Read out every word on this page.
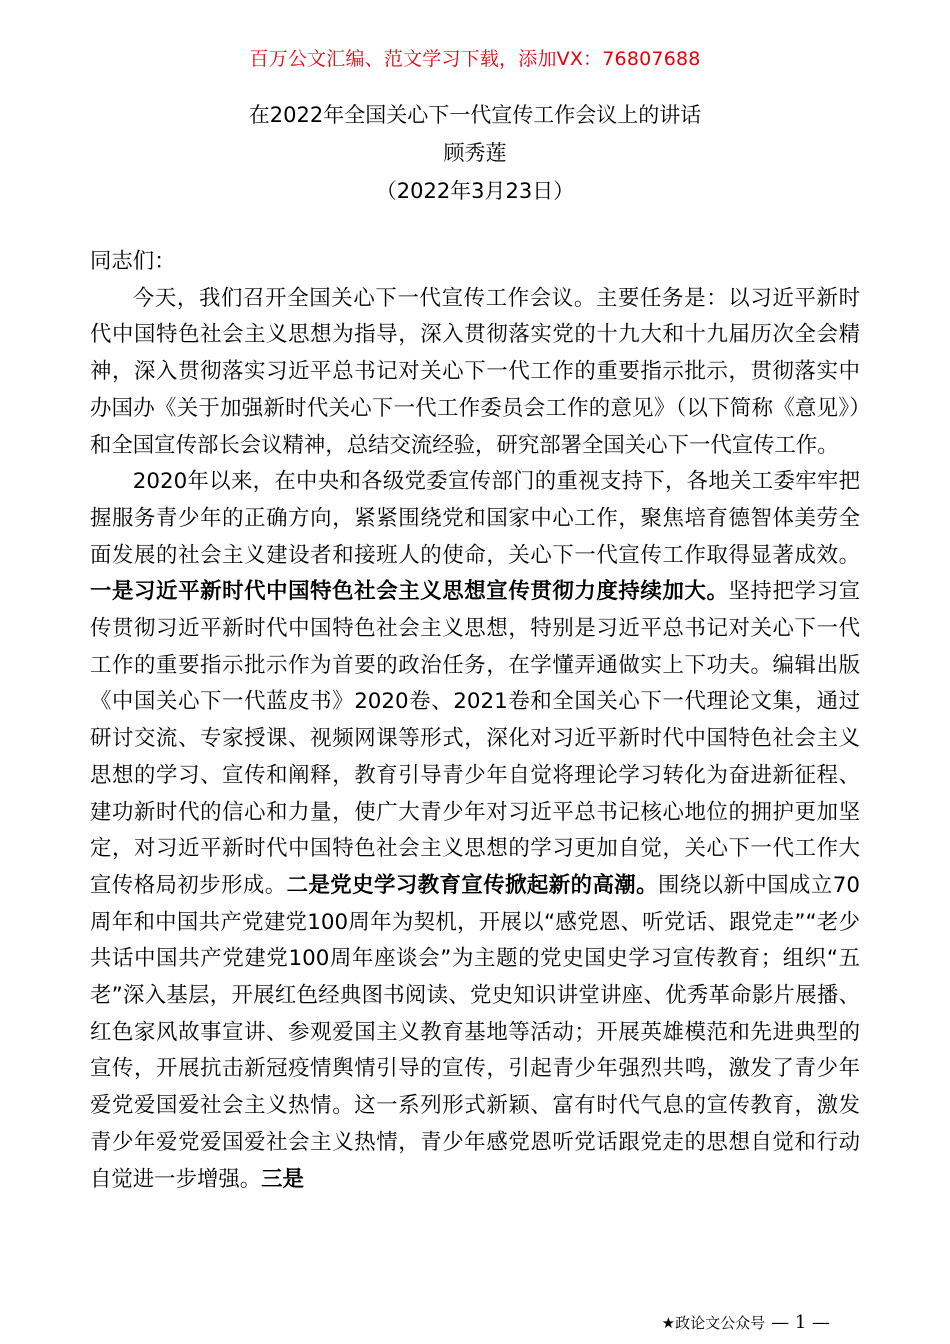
百万公文汇编、范文学习下载，添加VX：76807688
在2022年全国关心下一代宣传工作会议上的讲话
顾秀莲
（2022年3月23日）

同志们：

今天，我们召开全国关心下一代宣传工作会议。主要任务是：以习近平新时代中国特色社会主义思想为指导，深入贯彻落实党的十九大和十九届历次全会精神，深入贯彻落实习近平总书记对关心下一代工作的重要指示批示，贯彻落实中办国办《关于加强新时代关心下一代工作委员会工作的意见》（以下简称《意见》）和全国宣传部长会议精神，总结交流经验，研究部署全国关心下一代宣传工作。

2020年以来，在中央和各级党委宣传部门的重视支持下，各地关工委牢牢把握服务青少年的正确方向，紧紧围绕党和国家中心工作，聚焦培育德智体美劳全面发展的社会主义建设者和接班人的使命，关心下一代宣传工作取得显著成效。一是习近平新时代中国特色社会主义思想宣传贯彻力度持续加大。坚持把学习宣传贯彻习近平新时代中国特色社会主义思想，特别是习近平总书记对关心下一代工作的重要指示批示作为首要的政治任务，在学懂弄通做实上下功夫。编辑出版《中国关心下一代蓝皮书》2020卷、2021卷和全国关心下一代理论文集，通过研讨交流、专家授课、视频网课等形式，深化对习近平新时代中国特色社会主义思想的学习、宣传和阐释，教育引导青少年自觉将理论学习转化为奋进新征程、建功新时代的信心和力量，使广大青少年对习近平总书记核心地位的拥护更加坚定，对习近平新时代中国特色社会主义思想的学习更加自觉，关心下一代工作大宣传格局初步形成。二是党史学习教育宣传掀起新的高潮。围绕以新中国成立70周年和中国共产党建党100周年为契机，开展以“感党恩、听党话、跟党走”“老少共话中国共产党建党100周年座谈会”为主题的党史国史学习宣传教育；组织“五老”深入基层，开展红色经典图书阅读、党史知识讲堂讲座、优秀革命影片展播、红色家风故事宣讲、参观爱国主义教育基地等活动；开展英雄模范和先进典型的宣传，开展抗击新冠疫情舆情引导的宣传，引起青少年强烈共鸣，激发了青少年爱党爱国爱社会主义热情。这一系列形式新颖、富有时代气息的宣传教育，激发青少年爱党爱国爱社会主义热情，青少年感党恩听党话跟党走的思想自觉和行动自觉进一步增强。三是

★政论文公众号 — 1 —
